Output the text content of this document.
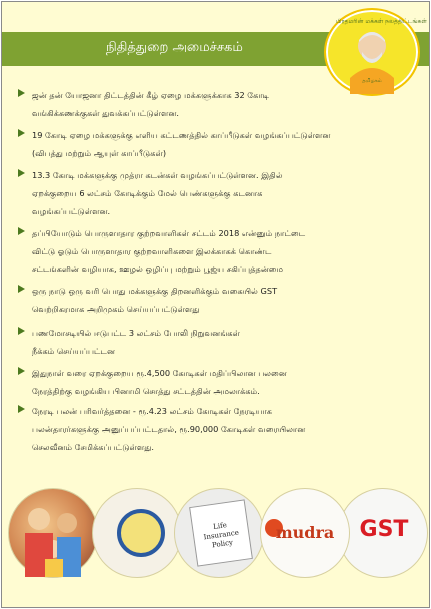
நிதித்துறை அமைச்சகம்
பிரதமரின் மக்கள் நலத்திட்டங்கள்
தமிழகம்
ஜன் தன் யோஜனா திட்டத்தின் கீழ் ஏழை மக்களுக்காக 32 கோடி
வங்கிக்கணக்குகள் துவக்கப்பட்டுள்ளன.
19 கோடி ஏழை மக்களுக்கு எளிய கட்டணத்தில் காப்பீடுகள் வழங்கப்பட்டுள்ளன
(விபத்து மற்றும் ஆயுள் காப்பீடுகள்)
13.3 கோடி மக்களுக்கு முத்ரா கடன்கள் வழங்கப்பட்டுள்ளன. இதில்
ஏறக்குறைய 6 லட்சம் கோடிக்கும் மேல் பெண்களுக்கு கடனாக
வழங்கப்பட்டுள்ளன.
தப்பியோடும் பொருளாதார குற்றவாளிகள் சட்டம் 2018 என்னும் நாட்டை
விட்டு ஓடும் பொருளாதார குற்றவாளிகளை இலக்காகக் கொண்ட
சட்டங்களின் வழியாக, ஊழல் ஒழிப்பு மற்றும் பூஜ்ய சகிப்புத்தன்மை
ஒரு நாடு ஒரு வரி பொது மக்களுக்கு திறனளிக்கும் வகையில் GST
வெற்றிகரமாக அறிமுகம் செய்யப்பட்டுள்ளது
பணமோசடியில் ஈடுபட்ட 3 லட்சம் போலி நிறுவனங்கள்
நீக்கம் செய்யப்பட்டன
இதுநாள் வரை ஏறக்குறைய ரூ.4,500 கோடிகள் மதிப்பிலான பலனை
நேரத்திற்கு வழங்கிய பினாமி சொத்து சட்டத்தின் அமலாக்கம்.
நேரடி பலன் பரிவர்த்தனை - ரூ.4.23 லட்சம் கோடிகள் நேரடியாக
பலன்தாரர்களுக்கு அனுப்பப்பட்டதால், ரூ.90,000 கோடிகள் வரையிலான
செலவீனம் சேமிக்கப்பட்டுள்ளது.
Life
Insurance
Policy
GST
mudra
